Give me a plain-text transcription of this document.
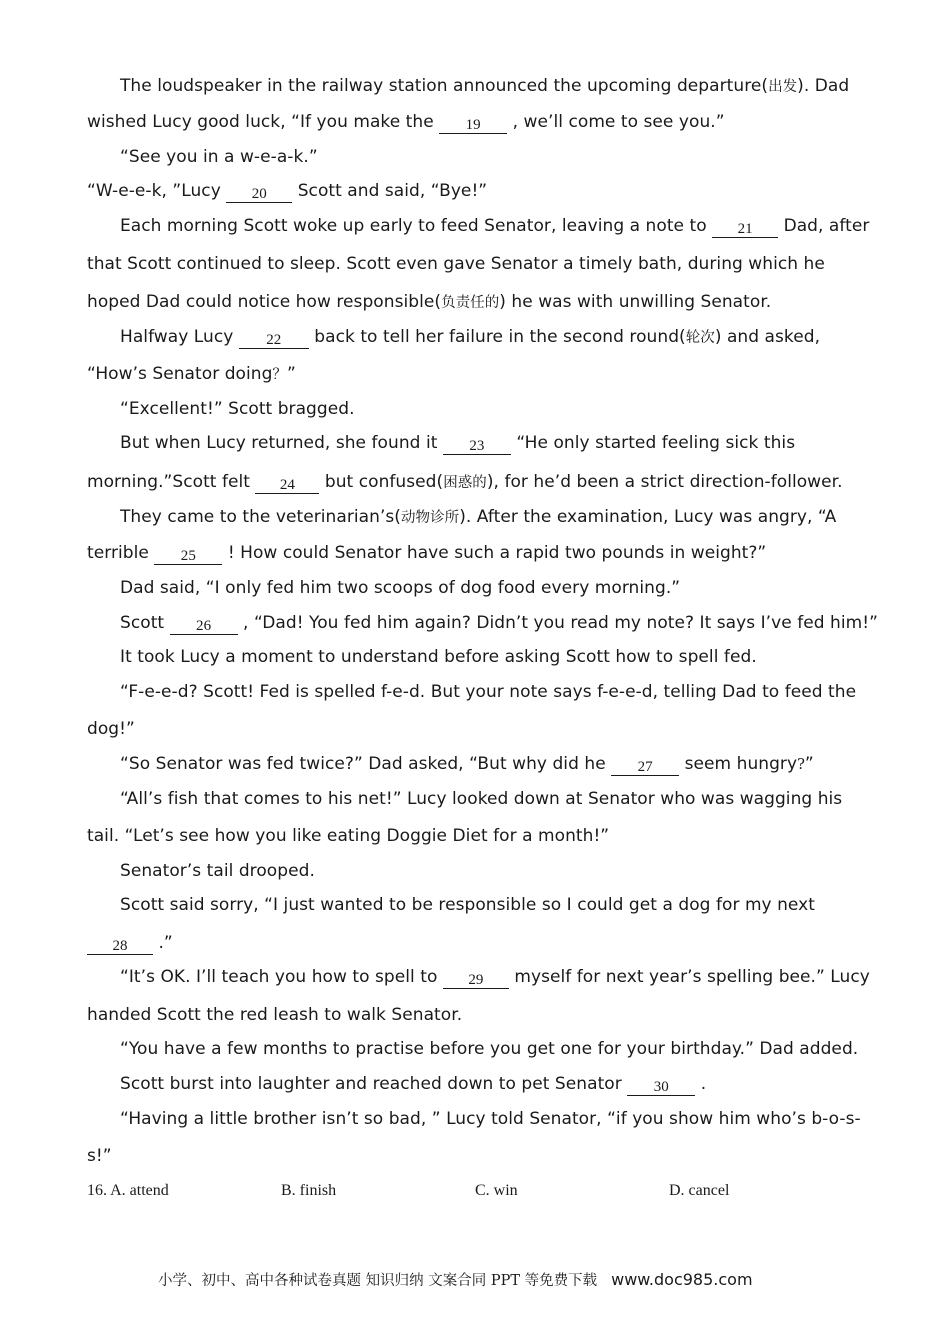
The loudspeaker in the railway station announced the upcoming departure(出发). Dad
wished Lucy good luck, “If you make the 19 , we’ll come to see you.”
“See you in a w-e-a-k.”
“W-e-e-k, ”Lucy 20 Scott and said, “Bye!”
Each morning Scott woke up early to feed Senator, leaving a note to 21 Dad, after
that Scott continued to sleep. Scott even gave Senator a timely bath, during which he
hoped Dad could notice how responsible(负责任的) he was with unwilling Senator.
Halfway Lucy 22 back to tell her failure in the second round(轮次) and asked,
“How’s Senator doing？”
“Excellent!” Scott bragged.
But when Lucy returned, she found it 23 “He only started feeling sick this
morning.”Scott felt 24 but confused(困惑的), for he’d been a strict direction-follower.
They came to the veterinarian’s(动物诊所). After the examination, Lucy was angry, “A
terrible 25 ! How could Senator have such a rapid two pounds in weight?”
Dad said, “I only fed him two scoops of dog food every morning.”
Scott 26 , “Dad! You fed him again? Didn’t you read my note? It says I’ve fed him!”
It took Lucy a moment to understand before asking Scott how to spell fed.
“F-e-e-d? Scott! Fed is spelled f-e-d. But your note says f-e-e-d, telling Dad to feed the
dog!”
“So Senator was fed twice?” Dad asked, “But why did he 27 seem hungry?”
“All’s fish that comes to his net!” Lucy looked down at Senator who was wagging his
tail. “Let’s see how you like eating Doggie Diet for a month!”
Senator’s tail drooped.
Scott said sorry, “I just wanted to be responsible so I could get a dog for my next
28 .”
“It’s OK. I’ll teach you how to spell to 29 myself for next year’s spelling bee.” Lucy
handed Scott the red leash to walk Senator.
“You have a few months to practise before you get one for your birthday.” Dad added.
Scott burst into laughter and reached down to pet Senator 30 .
“Having a little brother isn’t so bad, ” Lucy told Senator, “if you show him who’s b-o-s-
s!”
16. A. attend	B. finish	C. win	D. cancel
小学、初中、高中各种试卷真题 知识归纳 文案合同 PPT 等免费下载 www.doc985.com
